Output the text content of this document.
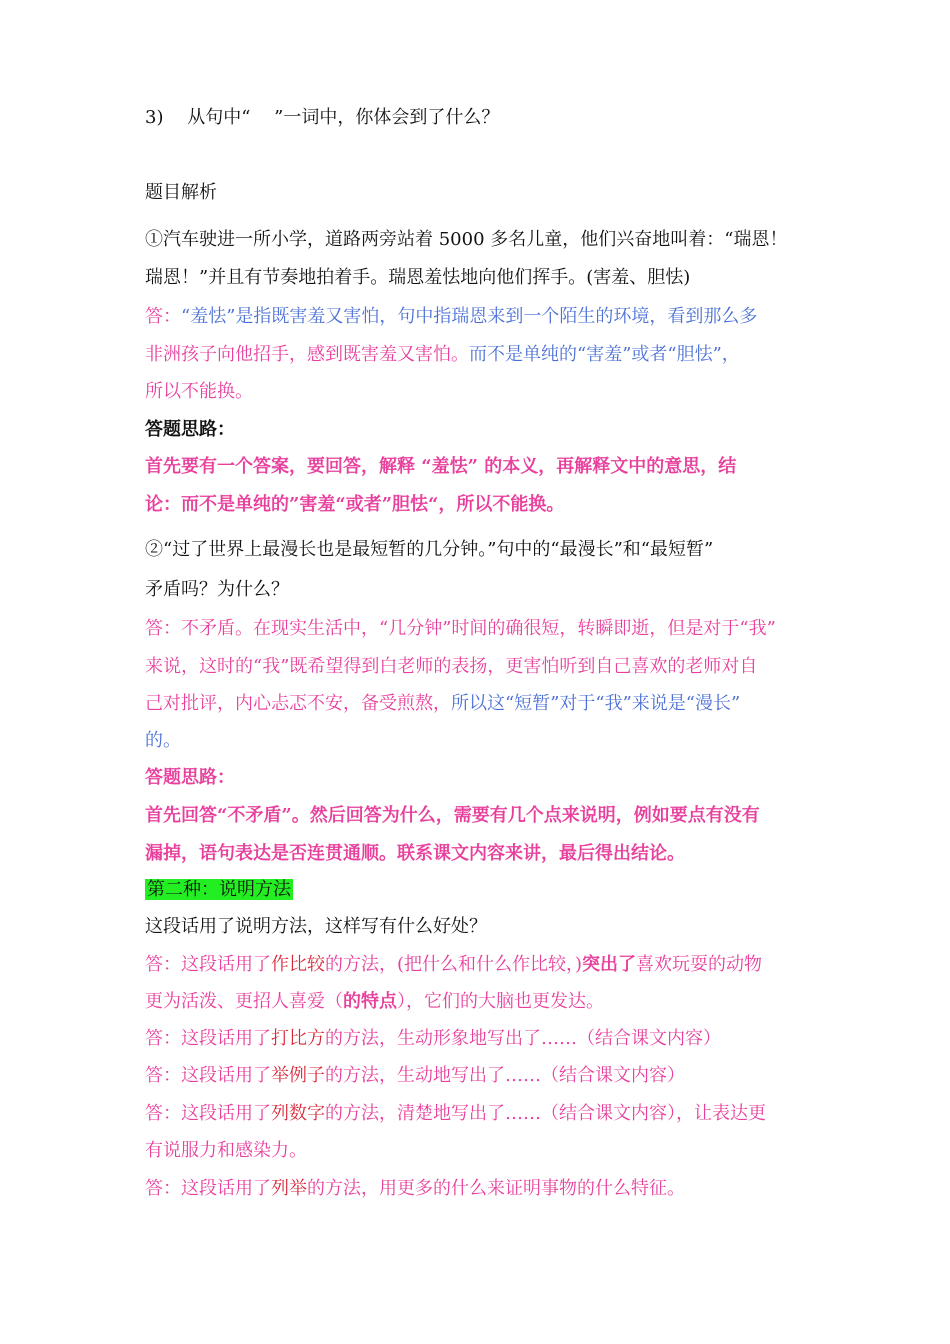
3)　 从句中“　 ”一词中，你体会到了什么？
题目解析
①汽车驶进一所小学，道路两旁站着 5000 多名儿童，他们兴奋地叫着：“瑞恩！
瑞恩！”并且有节奏地拍着手。瑞恩羞怯地向他们挥手。(害羞、胆怯)
答：“羞怯”是指既害羞又害怕，句中指瑞恩来到一个陌生的环境，看到那么多
非洲孩子向他招手，感到既害羞又害怕。而不是单纯的“害羞”或者“胆怯”，
所以不能换。
答题思路：
首先要有一个答案，要回答，解释 “羞怯” 的本义，再解释文中的意思，结
论：而不是单纯的”害羞“或者”胆怯“，所以不能换。
②“过了世界上最漫长也是最短暂的几分钟。”句中的“最漫长”和“最短暂”
矛盾吗？为什么？
答：不矛盾。在现实生活中，“几分钟”时间的确很短，转瞬即逝，但是对于“我”
来说，这时的“我”既希望得到白老师的表扬，更害怕听到自己喜欢的老师对自
己对批评，内心忐忑不安，备受煎熬，所以这“短暂”对于“我”来说是“漫长”
的。
答题思路：
首先回答“不矛盾”。然后回答为什么，需要有几个点来说明，例如要点有没有
漏掉，语句表达是否连贯通顺。联系课文内容来讲，最后得出结论。
第二种：说明方法
这段话用了说明方法，这样写有什么好处？
答：这段话用了作比较的方法，(把什么和什么作比较，)突出了喜欢玩耍的动物
更为活泼、更招人喜爱（的特点），它们的大脑也更发达。
答：这段话用了打比方的方法，生动形象地写出了……（结合课文内容）
答：这段话用了举例子的方法，生动地写出了……（结合课文内容）
答：这段话用了列数字的方法，清楚地写出了……（结合课文内容），让表达更
有说服力和感染力。
答：这段话用了列举的方法，用更多的什么来证明事物的什么特征。
